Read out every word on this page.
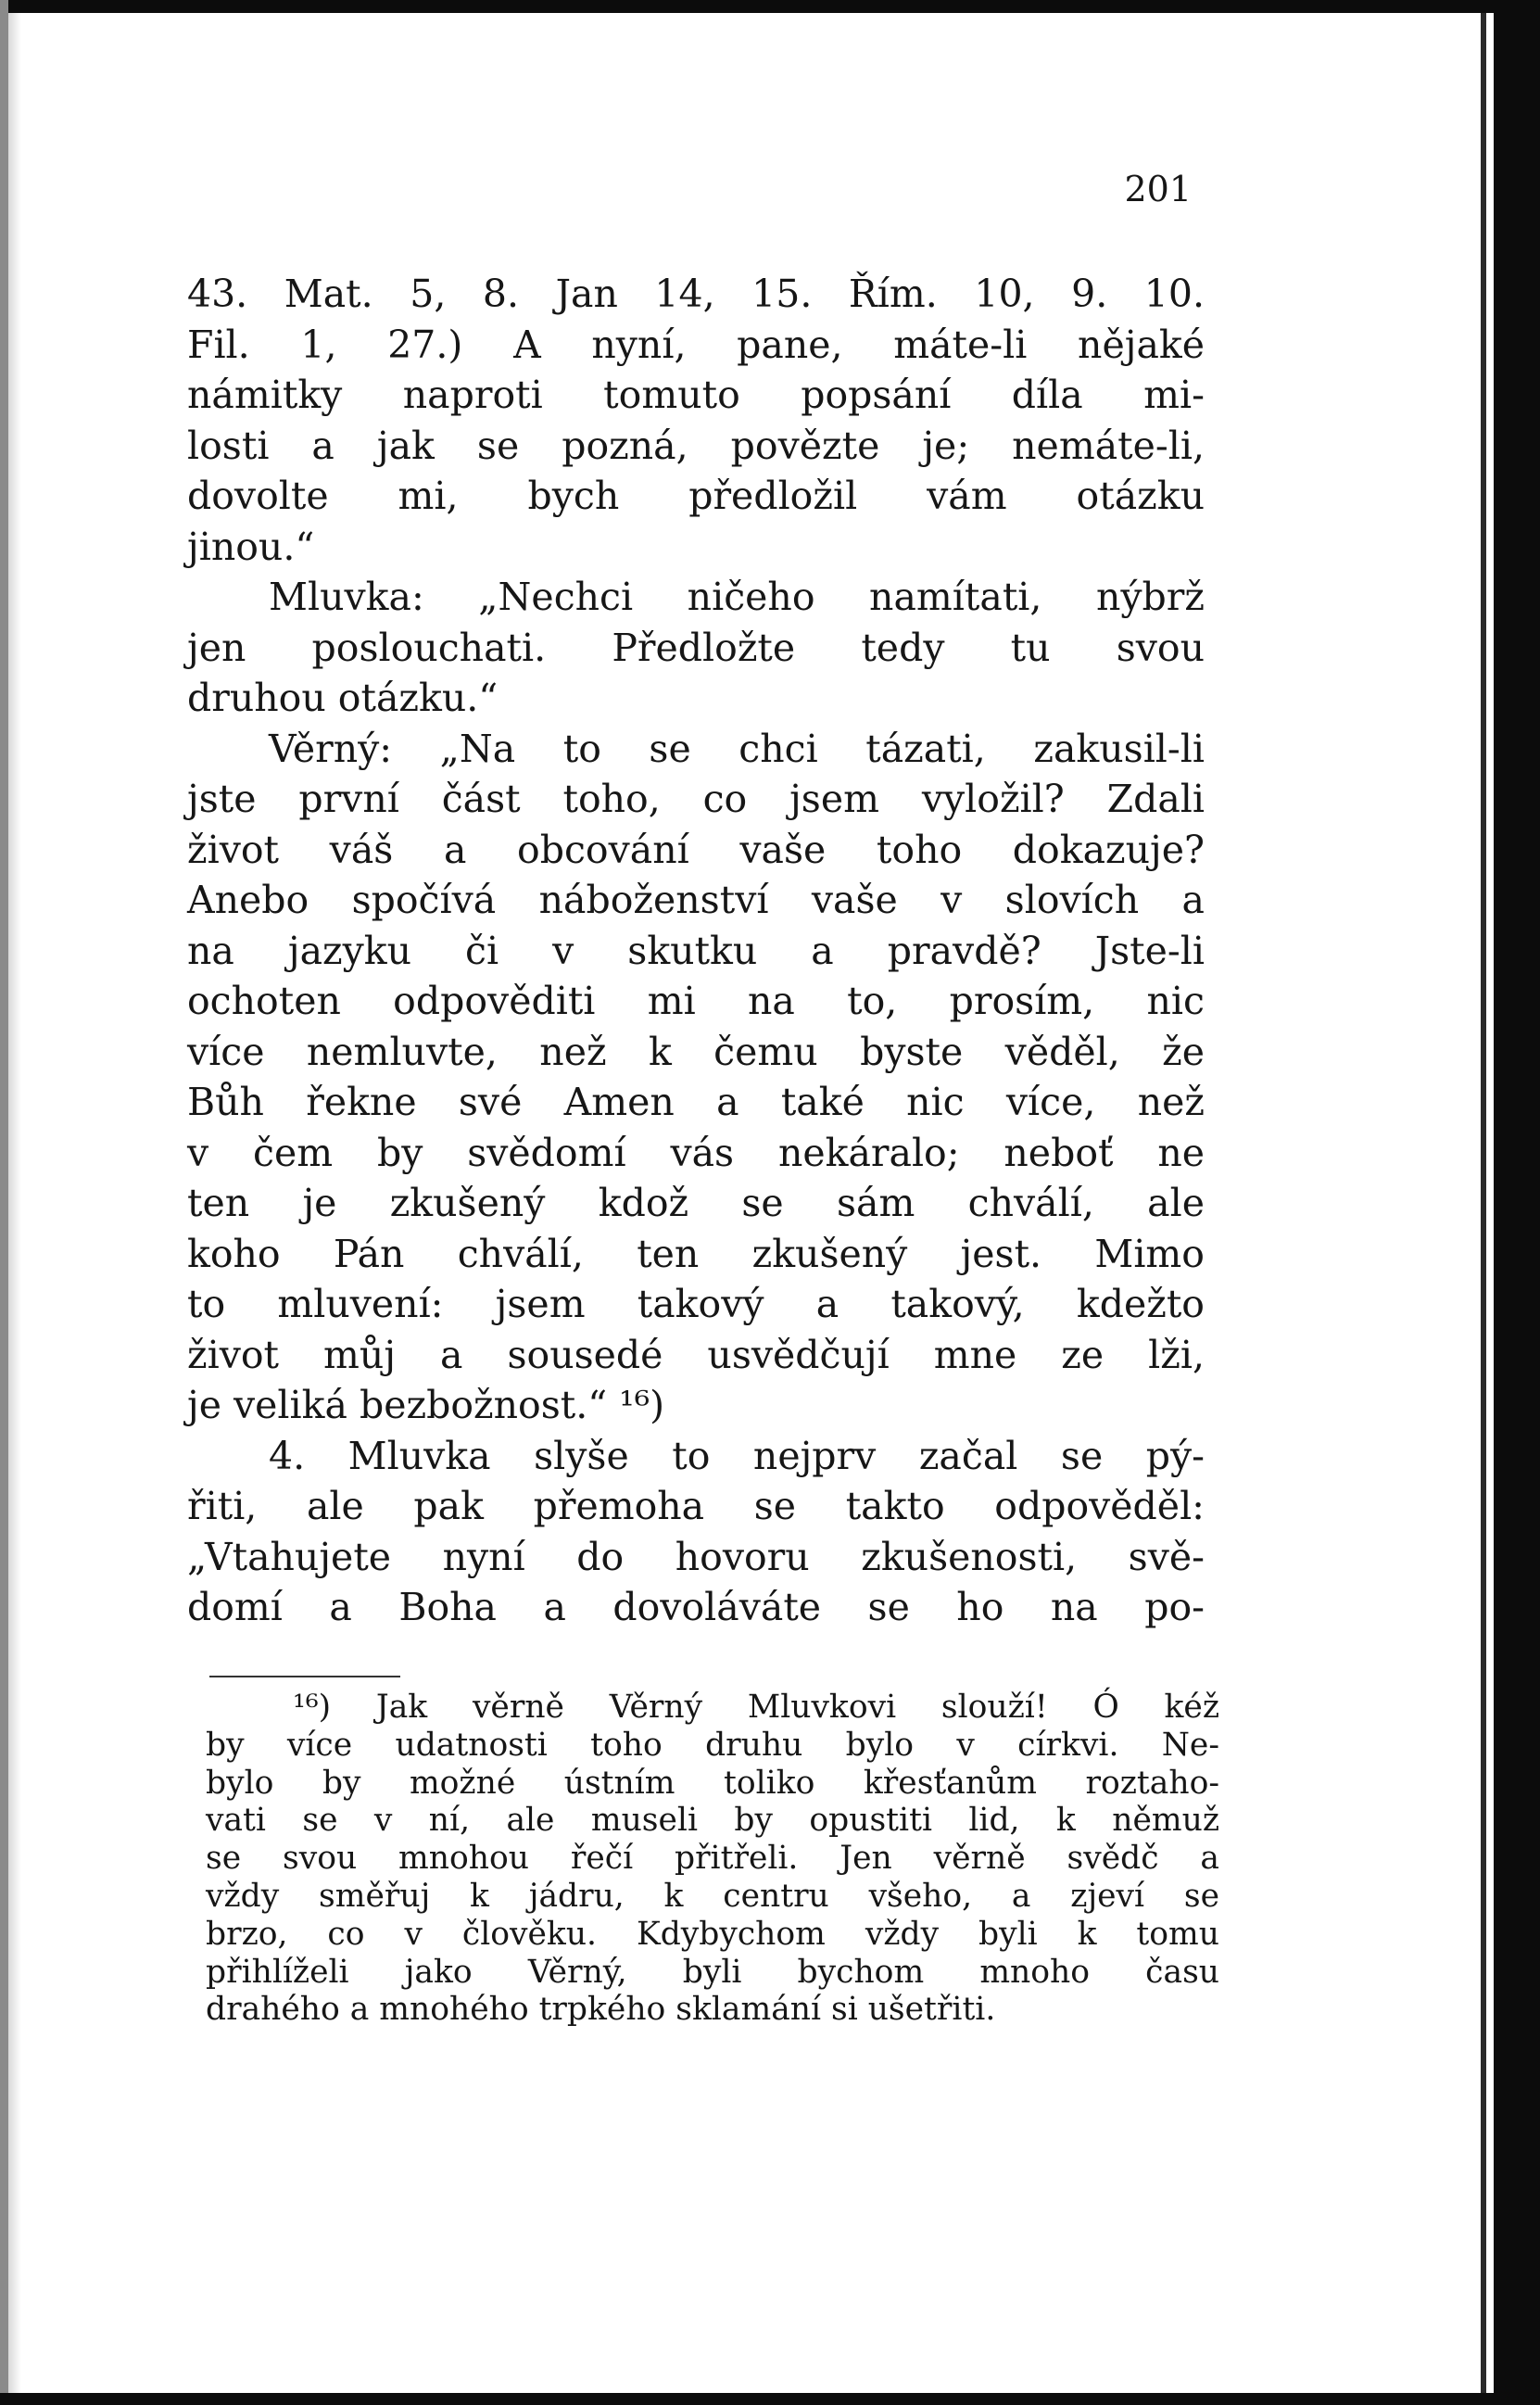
201
43. Mat. 5, 8. Jan 14, 15. Řím. 10, 9. 10.
Fil. 1, 27.) A nyní, pane, máte-li nějaké
námitky naproti tomuto popsání díla mi-
losti a jak se pozná, povězte je; nemáte-li,
dovolte mi, bych předložil vám otázku
jinou.“
Mluvka: „Nechci ničeho namítati, nýbrž
jen poslouchati. Předložte tedy tu svou
druhou otázku.“
Věrný: „Na to se chci tázati, zakusil-li
jste první část toho, co jsem vyložil? Zdali
život váš a obcování vaše toho dokazuje?
Anebo spočívá náboženství vaše v slovích a
na jazyku či v skutku a pravdě? Jste-li
ochoten odpověditi mi na to, prosím, nic
více nemluvte, než k čemu byste věděl, že
Bůh řekne své Amen a také nic více, než
v čem by svědomí vás nekáralo; neboť ne
ten je zkušený kdož se sám chválí, ale
koho Pán chválí, ten zkušený jest. Mimo
to mluvení: jsem takový a takový, kdežto
život můj a sousedé usvědčují mne ze lži,
je veliká bezbožnost.“ ¹⁶)
4. Mluvka slyše to nejprv začal se pý-
řiti, ale pak přemoha se takto odpověděl:
„Vtahujete nyní do hovoru zkušenosti, svě-
domí a Boha a dovoláváte se ho na po-
¹⁶) Jak věrně Věrný Mluvkovi slouží! Ó kéž
by více udatnosti toho druhu bylo v církvi. Ne-
bylo by možné ústním toliko křesťanům roztaho-
vati se v ní, ale museli by opustiti lid, k němuž
se svou mnohou řečí přitřeli. Jen věrně svědč a
vždy směřuj k jádru, k centru všeho, a zjeví se
brzo, co v člověku. Kdybychom vždy byli k tomu
přihlíželi jako Věrný, byli bychom mnoho času
drahého a mnohého trpkého sklamání si ušetřiti.
